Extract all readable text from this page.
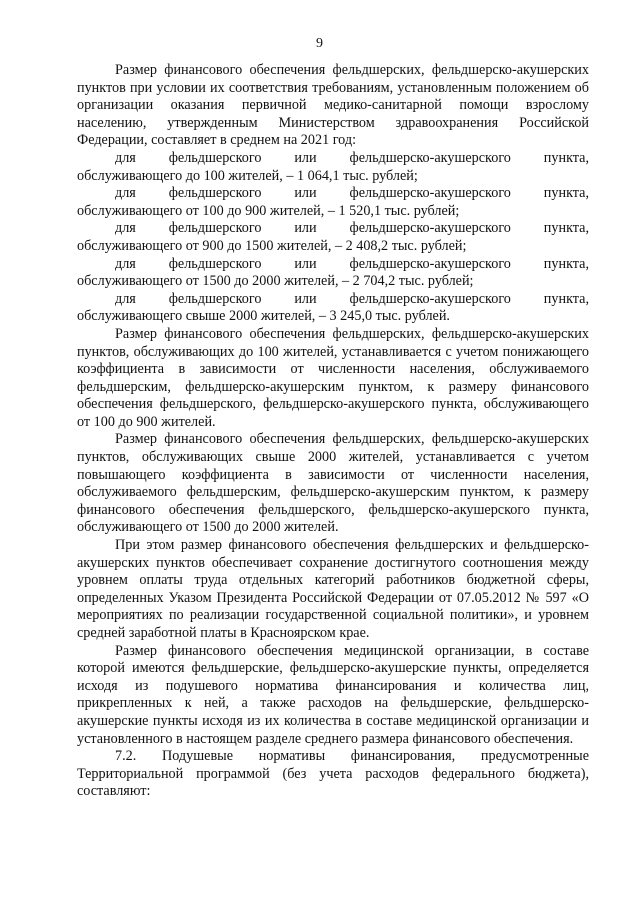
9

Размер финансового обеспечения фельдшерских, фельдшерско-акушерских пунктов при условии их соответствия требованиям, установленным положением об организации оказания первичной медико-санитарной помощи взрослому населению, утвержденным Министерством здравоохранения Российской Федерации, составляет в среднем на 2021 год:

для фельдшерского или фельдшерско-акушерского пункта,
обслуживающего до 100 жителей, – 1 064,1 тыс. рублей;
для фельдшерского или фельдшерско-акушерского пункта,
обслуживающего от 100 до 900 жителей, – 1 520,1 тыс. рублей;
для фельдшерского или фельдшерско-акушерского пункта,
обслуживающего от 900 до 1500 жителей, – 2 408,2 тыс. рублей;
для фельдшерского или фельдшерско-акушерского пункта,
обслуживающего от 1500 до 2000 жителей, – 2 704,2 тыс. рублей;
для фельдшерского или фельдшерско-акушерского пункта,
обслуживающего свыше 2000 жителей, – 3 245,0 тыс. рублей.

Размер финансового обеспечения фельдшерских, фельдшерско-акушерских пунктов, обслуживающих до 100 жителей, устанавливается с учетом понижающего коэффициента в зависимости от численности населения, обслуживаемого фельдшерским, фельдшерско-акушерским пунктом, к размеру финансового обеспечения фельдшерского, фельдшерско-акушерского пункта, обслуживающего от 100 до 900 жителей.

Размер финансового обеспечения фельдшерских, фельдшерско-акушерских пунктов, обслуживающих свыше 2000 жителей, устанавливается с учетом повышающего коэффициента в зависимости от численности населения, обслуживаемого фельдшерским, фельдшерско-акушерским пунктом, к размеру финансового обеспечения фельдшерского, фельдшерско-акушерского пункта, обслуживающего от 1500 до 2000 жителей.

При этом размер финансового обеспечения фельдшерских и фельдшерско-акушерских пунктов обеспечивает сохранение достигнутого соотношения между уровнем оплаты труда отдельных категорий работников бюджетной сферы, определенных Указом Президента Российской Федерации от 07.05.2012 № 597 «О мероприятиях по реализации государственной социальной политики», и уровнем средней заработной платы в Красноярском крае.

Размер финансового обеспечения медицинской организации, в составе которой имеются фельдшерские, фельдшерско-акушерские пункты, определяется исходя из подушевого норматива финансирования и количества лиц, прикрепленных к ней, а также расходов на фельдшерские, фельдшерско-акушерские пункты исходя из их количества в составе медицинской организации и установленного в настоящем разделе среднего размера финансового обеспечения.

7.2. Подушевые нормативы финансирования, предусмотренные Территориальной программой (без учета расходов федерального бюджета), составляют:
